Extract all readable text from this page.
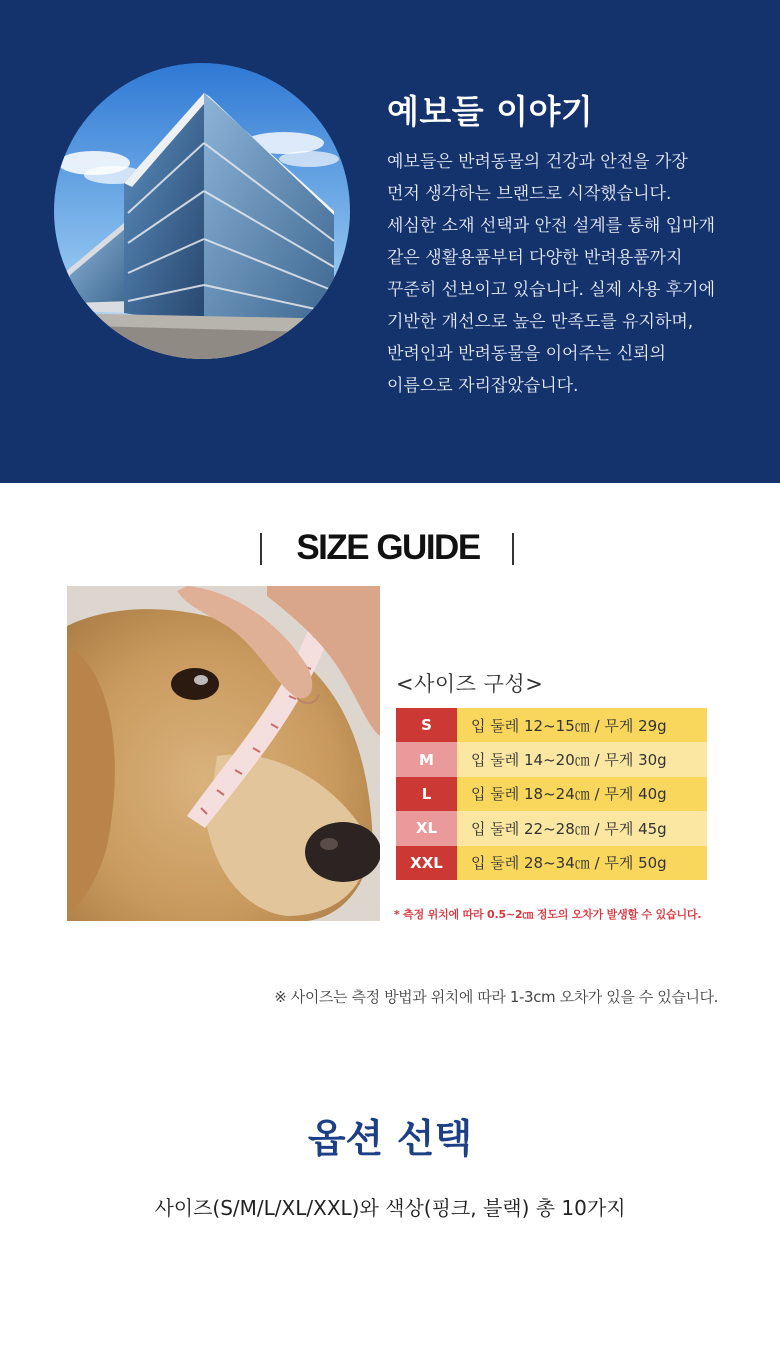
예보들 이야기
예보들은 반려동물의 건강과 안전을 가장
먼저 생각하는 브랜드로 시작했습니다.
세심한 소재 선택과 안전 설계를 통해 입마개
같은 생활용품부터 다양한 반려용품까지
꾸준히 선보이고 있습니다. 실제 사용 후기에
기반한 개선으로 높은 만족도를 유지하며,
반려인과 반려동물을 이어주는 신뢰의
이름으로 자리잡았습니다.
SIZE GUIDE
<사이즈 구성>
S	입 둘레 12~15㎝ / 무게 29g
M	입 둘레 14~20㎝ / 무게 30g
L	입 둘레 18~24㎝ / 무게 40g
XL	입 둘레 22~28㎝ / 무게 45g
XXL	입 둘레 28~34㎝ / 무게 50g
* 측정 위치에 따라 0.5~2㎝ 정도의 오차가 발생할 수 있습니다.
※ 사이즈는 측정 방법과 위치에 따라 1-3cm 오차가 있을 수 있습니다.
옵션 선택

사이즈(S/M/L/XL/XXL)와 색상(핑크, 블랙) 총 10가지
